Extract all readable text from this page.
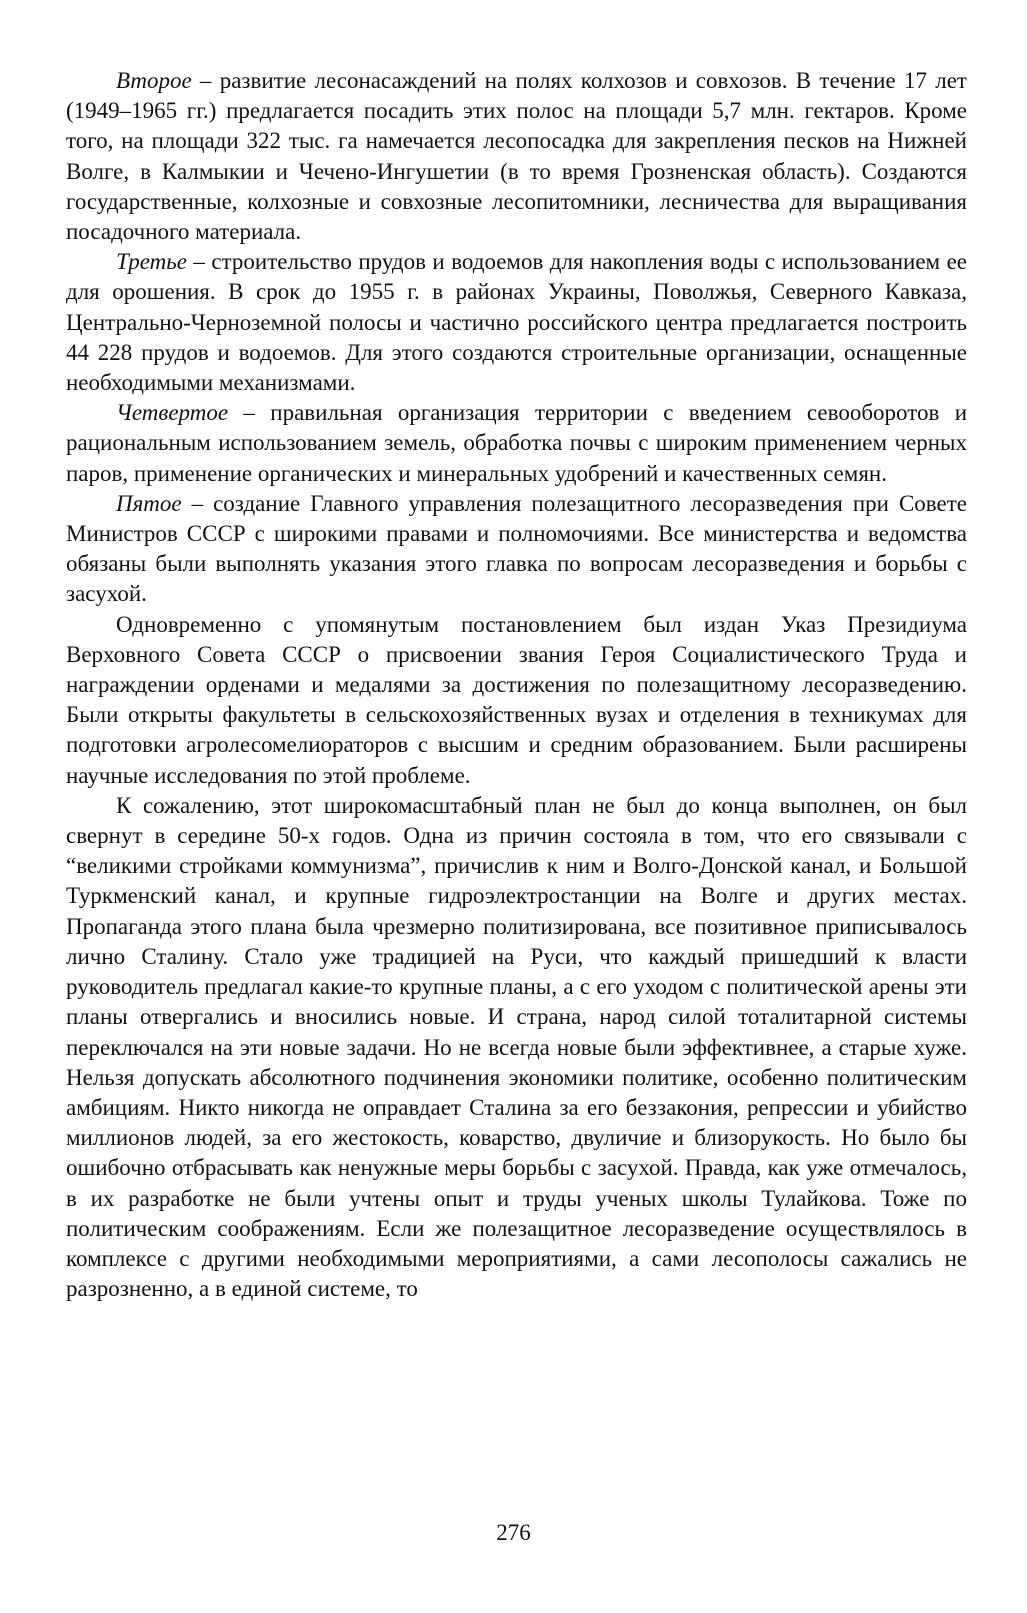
Второе – развитие лесонасаждений на полях колхозов и совхозов. В течение 17 лет (1949–1965 гг.) предлагается посадить этих полос на площади 5,7 млн. гектаров. Кроме того, на площади 322 тыс. га намечается лесопосадка для закрепления песков на Нижней Волге, в Калмыкии и Чечено-Ингушетии (в то время Грозненская область). Создаются государственные, колхозные и совхозные лесопитомники, лесничества для выращивания посадочного материала.

Третье – строительство прудов и водоемов для накопления воды с использованием ее для орошения. В срок до 1955 г. в районах Украины, Поволжья, Северного Кавказа, Центрально-Черноземной полосы и частично российского центра предлагается построить 44 228 прудов и водоемов. Для этого создаются строительные организации, оснащенные необходимыми механизмами.

Четвертое – правильная организация территории с введением севооборотов и рациональным использованием земель, обработка почвы с широким применением черных паров, применение органических и минеральных удобрений и качественных семян.

Пятое – создание Главного управления полезащитного лесоразведения при Совете Министров СССР с широкими правами и полномочиями. Все министерства и ведомства обязаны были выполнять указания этого главка по вопросам лесоразведения и борьбы с засухой.

Одновременно с упомянутым постановлением был издан Указ Президиума Верховного Совета СССР о присвоении звания Героя Социалистического Труда и награждении орденами и медалями за достижения по полезащитному лесоразведению. Были открыты факультеты в сельскохозяйственных вузах и отделения в техникумах для подготовки агролесомелиораторов с высшим и средним образованием. Были расширены научные исследования по этой проблеме.

К сожалению, этот широкомасштабный план не был до конца выполнен, он был свернут в середине 50-х годов. Одна из причин состояла в том, что его связывали с “великими стройками коммунизма”, причислив к ним и Волго-Донской канал, и Большой Туркменский канал, и крупные гидроэлектростанции на Волге и других местах. Пропаганда этого плана была чрезмерно политизирована, все позитивное приписывалось лично Сталину. Стало уже традицией на Руси, что каждый пришедший к власти руководитель предлагал какие-то крупные планы, а с его уходом с политической арены эти планы отвергались и вносились новые. И страна, народ силой тоталитарной системы переключался на эти новые задачи. Но не всегда новые были эффективнее, а старые хуже. Нельзя допускать абсолютного подчинения экономики политике, особенно политическим амбициям. Никто никогда не оправдает Сталина за его беззакония, репрессии и убийство миллионов людей, за его жестокость, коварство, двуличие и близорукость. Но было бы ошибочно отбрасывать как ненужные меры борьбы с засухой. Правда, как уже отмечалось, в их разработке не были учтены опыт и труды ученых школы Тулайкова. Тоже по политическим соображениям. Если же полезащитное лесоразведение осуществлялось в комплексе с другими необходимыми мероприятиями, а сами лесополосы сажались не разрозненно, а в единой системе, то

276
